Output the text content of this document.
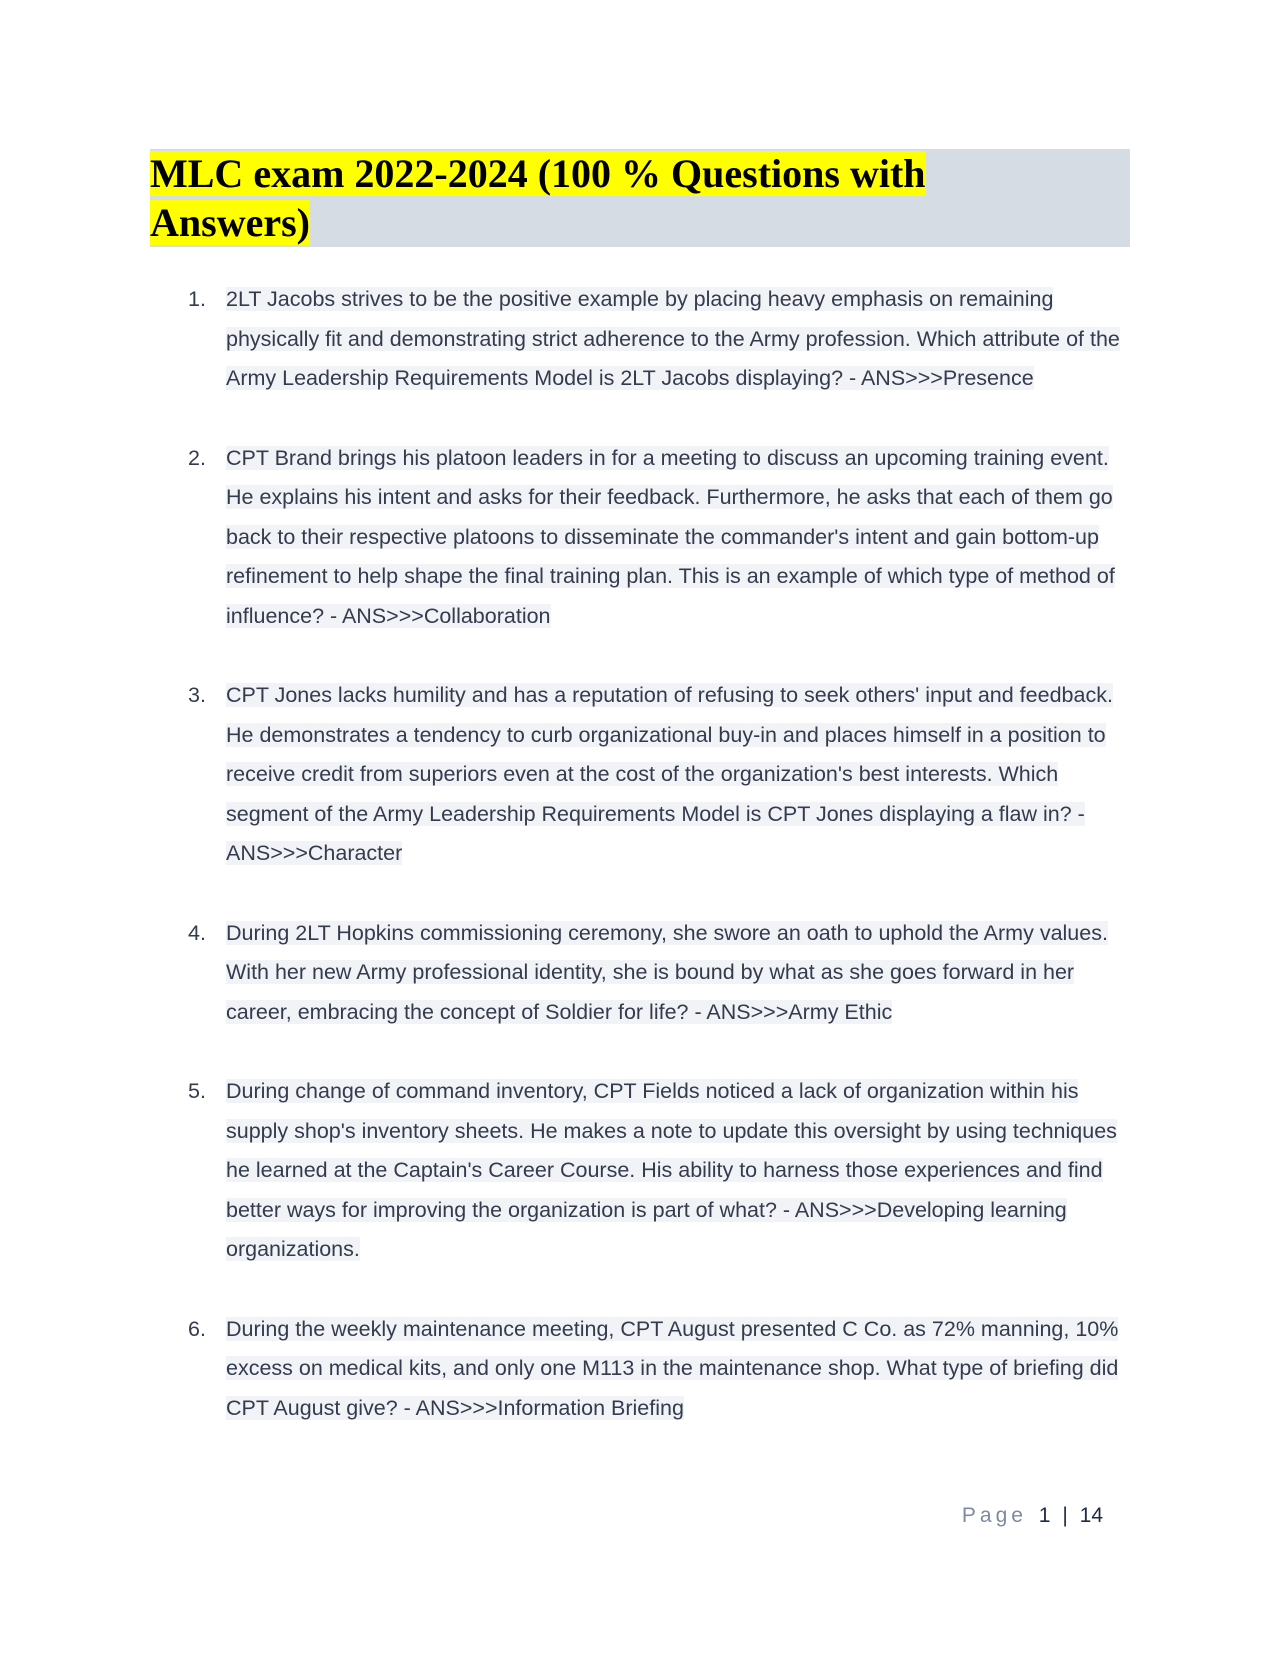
MLC exam 2022-2024 (100 % Questions with
Answers)
1. 2LT Jacobs strives to be the positive example by placing heavy emphasis on remaining physically fit and demonstrating strict adherence to the Army profession. Which attribute of the Army Leadership Requirements Model is 2LT Jacobs displaying? - ANS>>>Presence
2. CPT Brand brings his platoon leaders in for a meeting to discuss an upcoming training event. He explains his intent and asks for their feedback. Furthermore, he asks that each of them go back to their respective platoons to disseminate the commander's intent and gain bottom-up refinement to help shape the final training plan. This is an example of which type of method of influence? - ANS>>>Collaboration
3. CPT Jones lacks humility and has a reputation of refusing to seek others' input and feedback. He demonstrates a tendency to curb organizational buy-in and places himself in a position to receive credit from superiors even at the cost of the organization's best interests. Which segment of the Army Leadership Requirements Model is CPT Jones displaying a flaw in? - ANS>>>Character
4. During 2LT Hopkins commissioning ceremony, she swore an oath to uphold the Army values. With her new Army professional identity, she is bound by what as she goes forward in her career, embracing the concept of Soldier for life? - ANS>>>Army Ethic
5. During change of command inventory, CPT Fields noticed a lack of organization within his supply shop's inventory sheets. He makes a note to update this oversight by using techniques he learned at the Captain's Career Course. His ability to harness those experiences and find better ways for improving the organization is part of what? - ANS>>>Developing learning organizations.
6. During the weekly maintenance meeting, CPT August presented C Co. as 72% manning, 10% excess on medical kits, and only one M113 in the maintenance shop. What type of briefing did CPT August give? - ANS>>>Information Briefing
Page 1 | 14
